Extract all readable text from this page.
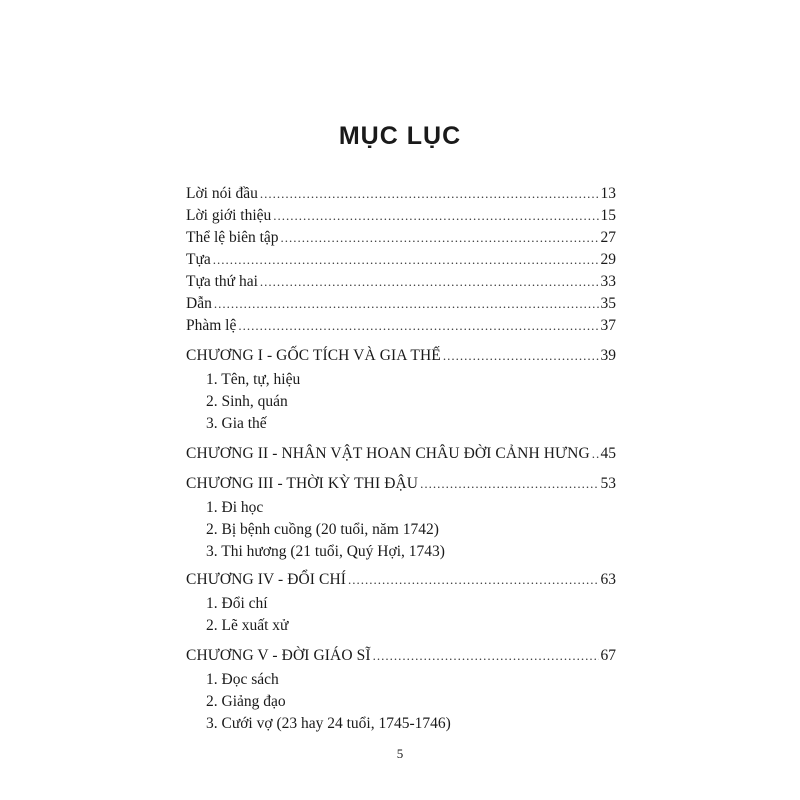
MỤC LỤC
Lời nói đầu .....	13
Lời giới thiệu .....	15
Thể lệ biên tập .....	27
Tựa .....	29
Tựa thứ hai .....	33
Dẫn .....	35
Phàm lệ .....	37
CHƯƠNG I - GỐC TÍCH VÀ GIA THẾ .....	39
1. Tên, tự, hiệu
2. Sinh, quán
3. Gia thế
CHƯƠNG II - NHÂN VẬT HOAN CHÂU ĐỜI CẢNH HƯNG ..... 45
CHƯƠNG III - THỜI KỲ THI ĐẬU .....	53
1. Đi học
2. Bị bệnh cuồng (20 tuổi, năm 1742)
3. Thi hương (21 tuổi, Quý Hợi, 1743)
CHƯƠNG IV - ĐỔI CHÍ .....	63
1. Đổi chí
2. Lẽ xuất xử
CHƯƠNG V - ĐỜI GIÁO SĨ .....	67
1. Đọc sách
2. Giảng đạo
3. Cưới vợ (23 hay 24 tuổi, 1745-1746)
5
